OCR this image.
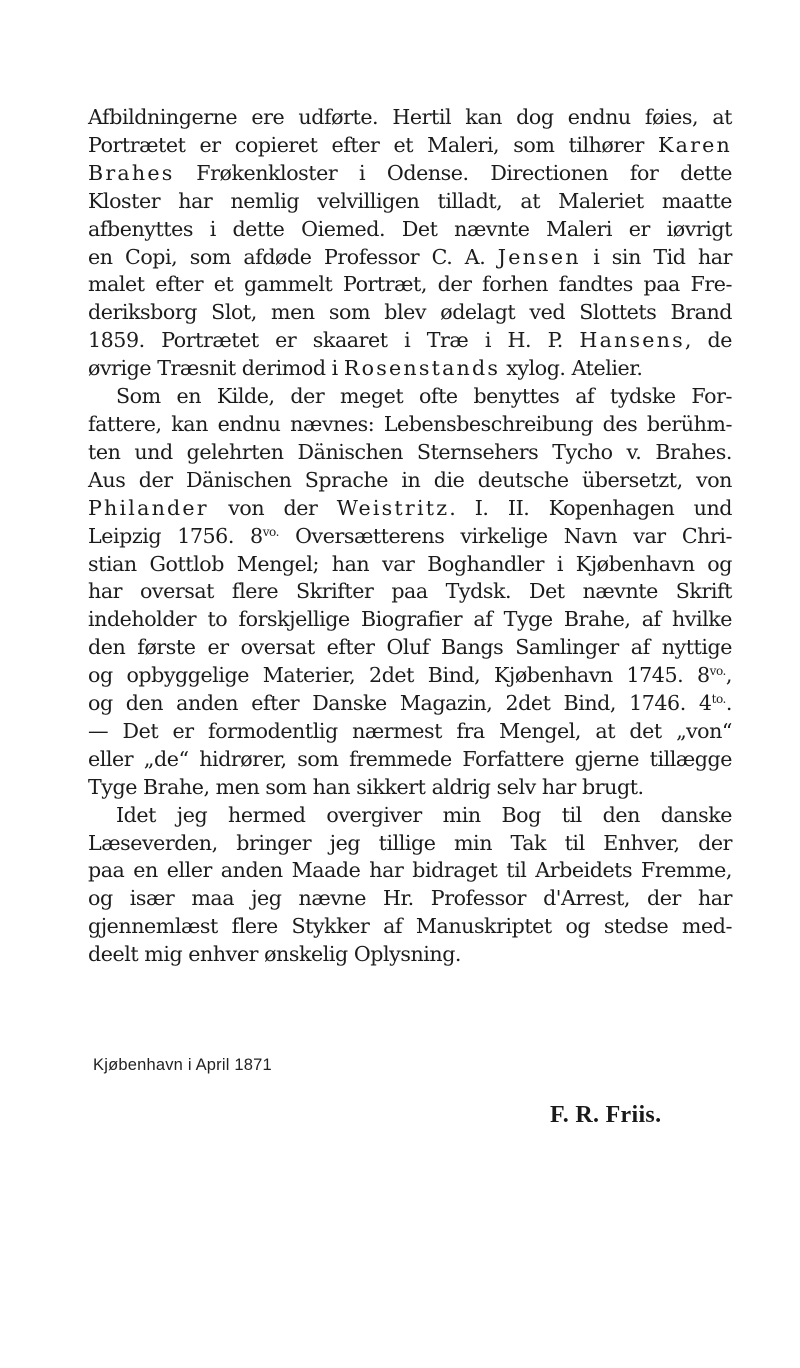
Afbildningerne ere udførte. Hertil kan dog endnu føies, at
Portrætet er copieret efter et Maleri, som tilhører Karen
Brahes Frøkenkloster i Odense. Directionen for dette
Kloster har nemlig velvilligen tilladt, at Maleriet maatte
afbenyttes i dette Oiemed. Det nævnte Maleri er iøvrigt
en Copi, som afdøde Professor C. A. Jensen i sin Tid har
malet efter et gammelt Portræt, der forhen fandtes paa Fre-
deriksborg Slot, men som blev ødelagt ved Slottets Brand
1859. Portrætet er skaaret i Træ i H. P. Hansens, de
øvrige Træsnit derimod i Rosenstands xylog. Atelier.
Som en Kilde, der meget ofte benyttes af tydske For-
fattere, kan endnu nævnes: Lebensbeschreibung des berühm-
ten und gelehrten Dänischen Sternsehers Tycho v. Brahes.
Aus der Dänischen Sprache in die deutsche übersetzt, von
Philander von der Weistritz. I. II. Kopenhagen und
Leipzig 1756. $8^{vo.}$ Oversætterens virkelige Navn var Chri-
stian Gottlob Mengel; han var Boghandler i Kjøbenhavn og
har oversat flere Skrifter paa Tydsk. Det nævnte Skrift
indeholder to forskjellige Biografier af Tyge Brahe, af hvilke
den første er oversat efter Oluf Bangs Samlinger af nyttige
og opbyggelige Materier, 2det Bind, Kjøbenhavn 1745. $8^{vo.}$,
og den anden efter Danske Magazin, 2det Bind, 1746. $4^{to.}$.
— Det er formodentlig nærmest fra Mengel, at det „von“
eller „de“ hidrører, som fremmede Forfattere gjerne tillægge
Tyge Brahe, men som han sikkert aldrig selv har brugt.
Idet jeg hermed overgiver min Bog til den danske
Læseverden, bringer jeg tillige min Tak til Enhver, der
paa en eller anden Maade har bidraget til Arbeidets Fremme,
og især maa jeg nævne Hr. Professor d'Arrest, der har
gjennemlæst flere Stykker af Manuskriptet og stedse med-
deelt mig enhver ønskelig Oplysning.
Kjøbenhavn i April 1871
F. R. Friis.
